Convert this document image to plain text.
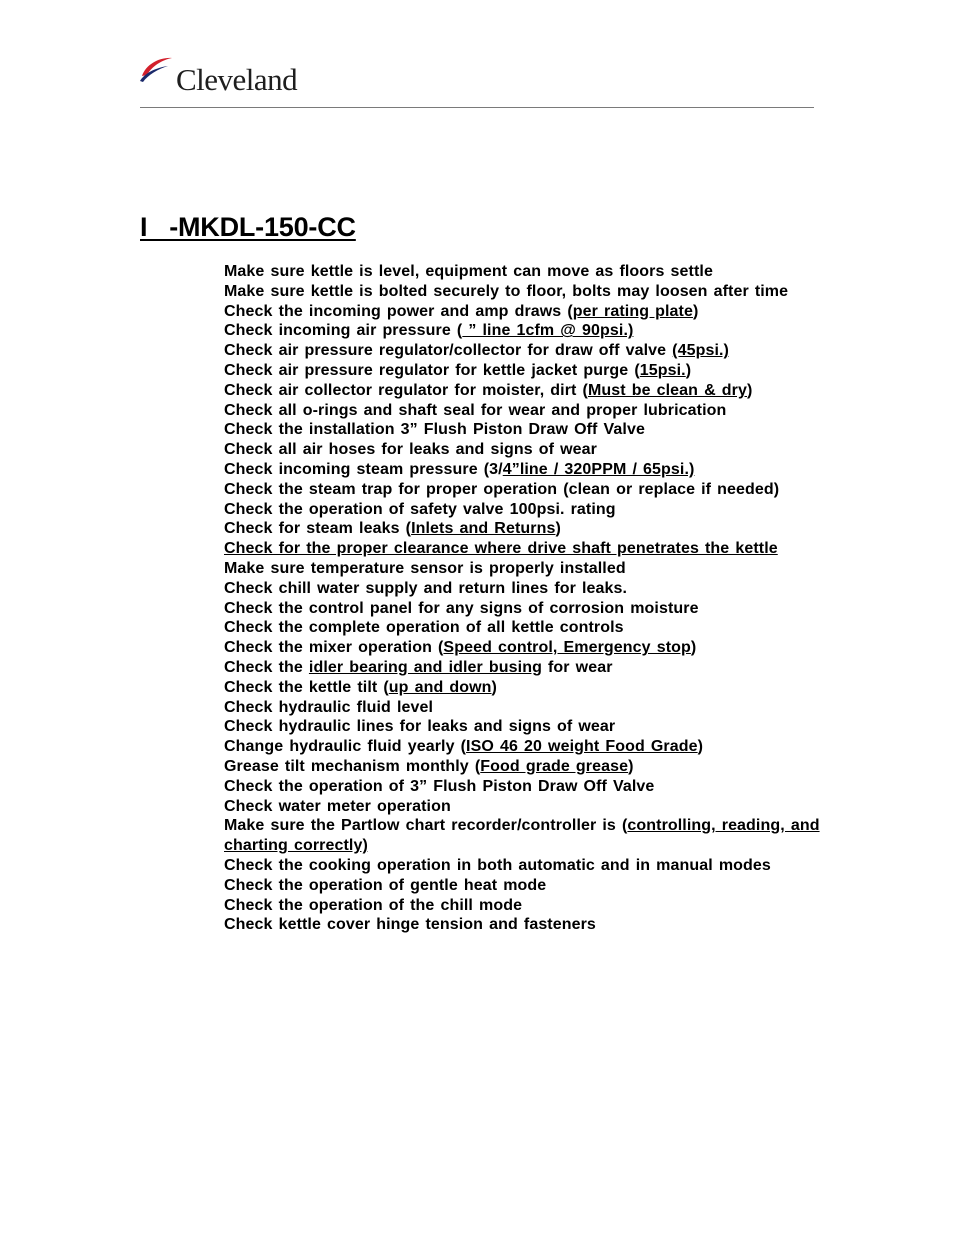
Cleveland
I   -MKDL-150-CC
Make sure kettle is level, equipment can move as floors settle
Make sure kettle is bolted securely to floor, bolts may loosen after time
Check the incoming power and amp draws (per rating plate)
Check incoming air pressure ( ” line 1cfm @ 90psi.)
Check air pressure regulator/collector for draw off valve (45psi.)
Check air pressure regulator for kettle jacket purge (15psi.)
Check air collector regulator for moister, dirt (Must be clean & dry)
Check all o-rings and shaft seal for wear and proper lubrication
Check the installation 3” Flush Piston Draw Off Valve
Check all air hoses for leaks and signs of wear
Check incoming steam pressure (3/4”line / 320PPM / 65psi.)
Check the steam trap for proper operation (clean or replace if needed)
Check the operation of safety valve 100psi. rating
Check for steam leaks (Inlets and Returns)
Check for the proper clearance where drive shaft penetrates the kettle
Make sure temperature sensor is properly installed
Check chill water supply and return lines for leaks.
Check the control panel for any signs of corrosion moisture
Check the complete operation of all kettle controls
Check the mixer operation (Speed control, Emergency stop)
Check the idler bearing and idler busing for wear
Check the kettle tilt (up and down)
Check hydraulic fluid level
Check hydraulic lines for leaks and signs of wear
Change hydraulic fluid yearly (ISO 46 20 weight Food Grade)
Grease tilt mechanism monthly (Food grade grease)
Check the operation of 3” Flush Piston Draw Off Valve
Check water meter operation
Make sure the Partlow chart recorder/controller is (controlling, reading, and charting correctly)
Check the cooking operation in both automatic and in manual modes
Check the operation of gentle heat mode
Check the operation of the chill mode
Check kettle cover hinge tension and fasteners
